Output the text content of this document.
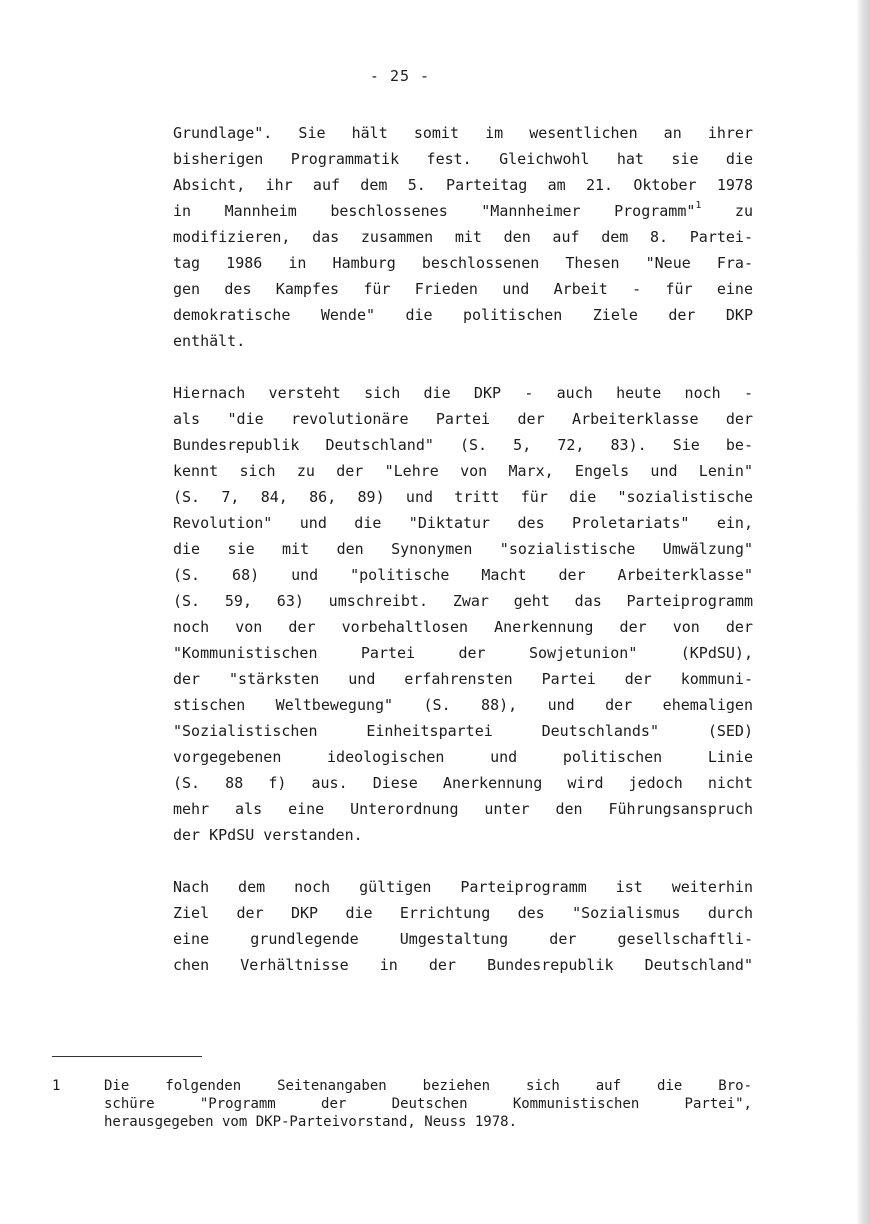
- 25 -
Grundlage". Sie hält somit im wesentlichen an ihrer
bisherigen Programmatik fest. Gleichwohl hat sie die
Absicht, ihr auf dem 5. Parteitag am 21. Oktober 1978
in Mannheim beschlossenes "Mannheimer Programm"$^1$ zu
modifizieren, das zusammen mit den auf dem 8. Partei-
tag 1986 in Hamburg beschlossenen Thesen "Neue Fra-
gen des Kampfes für Frieden und Arbeit - für eine
demokratische Wende" die politischen Ziele der DKP
enthält.
Hiernach versteht sich die DKP - auch heute noch -
als "die revolutionäre Partei der Arbeiterklasse der
Bundesrepublik Deutschland" (S. 5, 72, 83). Sie be-
kennt sich zu der "Lehre von Marx, Engels und Lenin"
(S. 7, 84, 86, 89) und tritt für die "sozialistische
Revolution" und die "Diktatur des Proletariats" ein,
die sie mit den Synonymen "sozialistische Umwälzung"
(S. 68) und "politische Macht der Arbeiterklasse"
(S. 59, 63) umschreibt. Zwar geht das Parteiprogramm
noch von der vorbehaltlosen Anerkennung der von der
"Kommunistischen Partei der Sowjetunion" (KPdSU),
der "stärksten und erfahrensten Partei der kommuni-
stischen Weltbewegung" (S. 88), und der ehemaligen
"Sozialistischen Einheitspartei Deutschlands" (SED)
vorgegebenen ideologischen und politischen Linie
(S. 88 f) aus. Diese Anerkennung wird jedoch nicht
mehr als eine Unterordnung unter den Führungsanspruch
der KPdSU verstanden.
Nach dem noch gültigen Parteiprogramm ist weiterhin
Ziel der DKP die Errichtung des "Sozialismus durch
eine grundlegende Umgestaltung der gesellschaftli-
chen Verhältnisse in der Bundesrepublik Deutschland"
1	Die folgenden Seitenangaben beziehen sich auf die Bro-
schüre "Programm der Deutschen Kommunistischen Partei",
herausgegeben vom DKP-Parteivorstand, Neuss 1978.
